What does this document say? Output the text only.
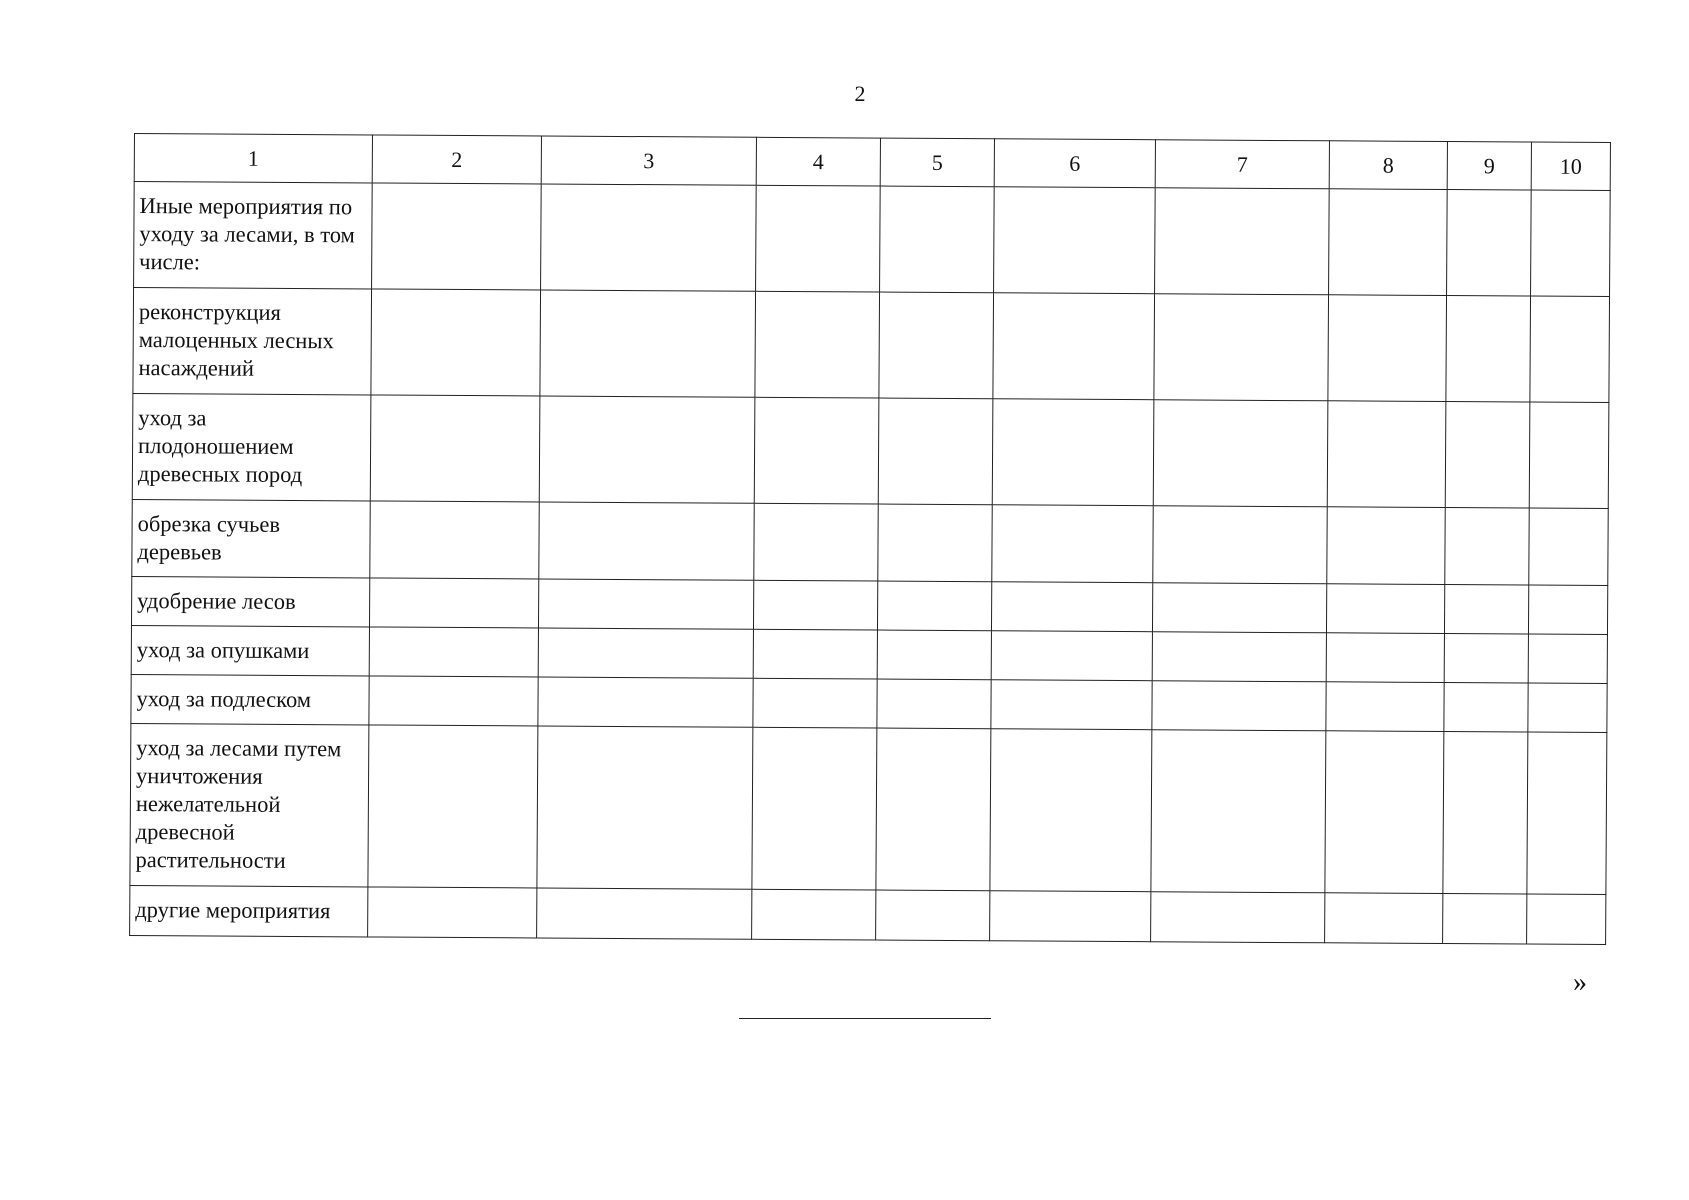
2
1	2	3	4	5	6	7	8	9	10
Иные мероприятия по уходу за лесами, в том числе:									
реконструкция малоценных лесных насаждений									
уход за плодоношением древесных пород									
обрезка сучьев деревьев									
удобрение лесов									
уход за опушками									
уход за подлеском									
уход за лесами путем уничтожения нежелательной древесной растительности									
другие мероприятия									
»
